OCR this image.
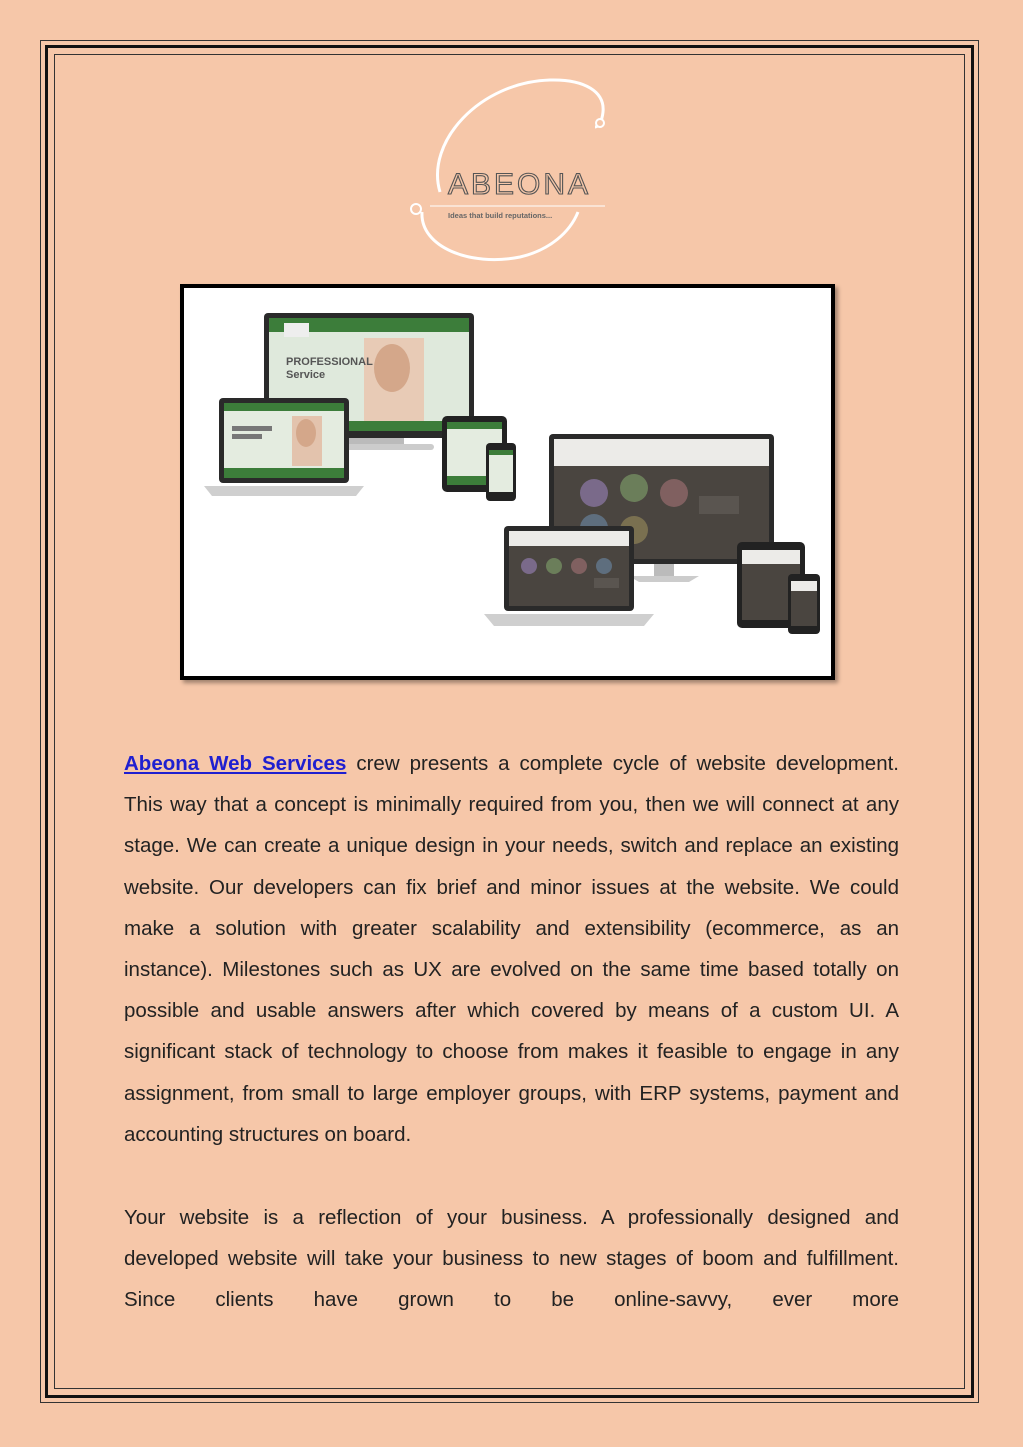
ABEONA
Ideas that build reputations...
PROFESSIONAL
Service
Abeona Web Services crew presents a complete cycle of website development. This way that a concept is minimally required from you, then we will connect at any stage. We can create a unique design in your needs, switch and replace an existing website. Our developers can fix brief and minor issues at the website. We could make a solution with greater scalability and extensibility (ecommerce, as an instance). Milestones such as UX are evolved on the same time based totally on possible and usable answers after which covered by means of a custom UI. A significant stack of technology to choose from makes it feasible to engage in any assignment, from small to large employer groups, with ERP systems, payment and accounting structures on board.
Your website is a reflection of your business. A professionally designed and developed website will take your business to new stages of boom and fulfillment. Since clients have grown to be online-savvy, ever more
